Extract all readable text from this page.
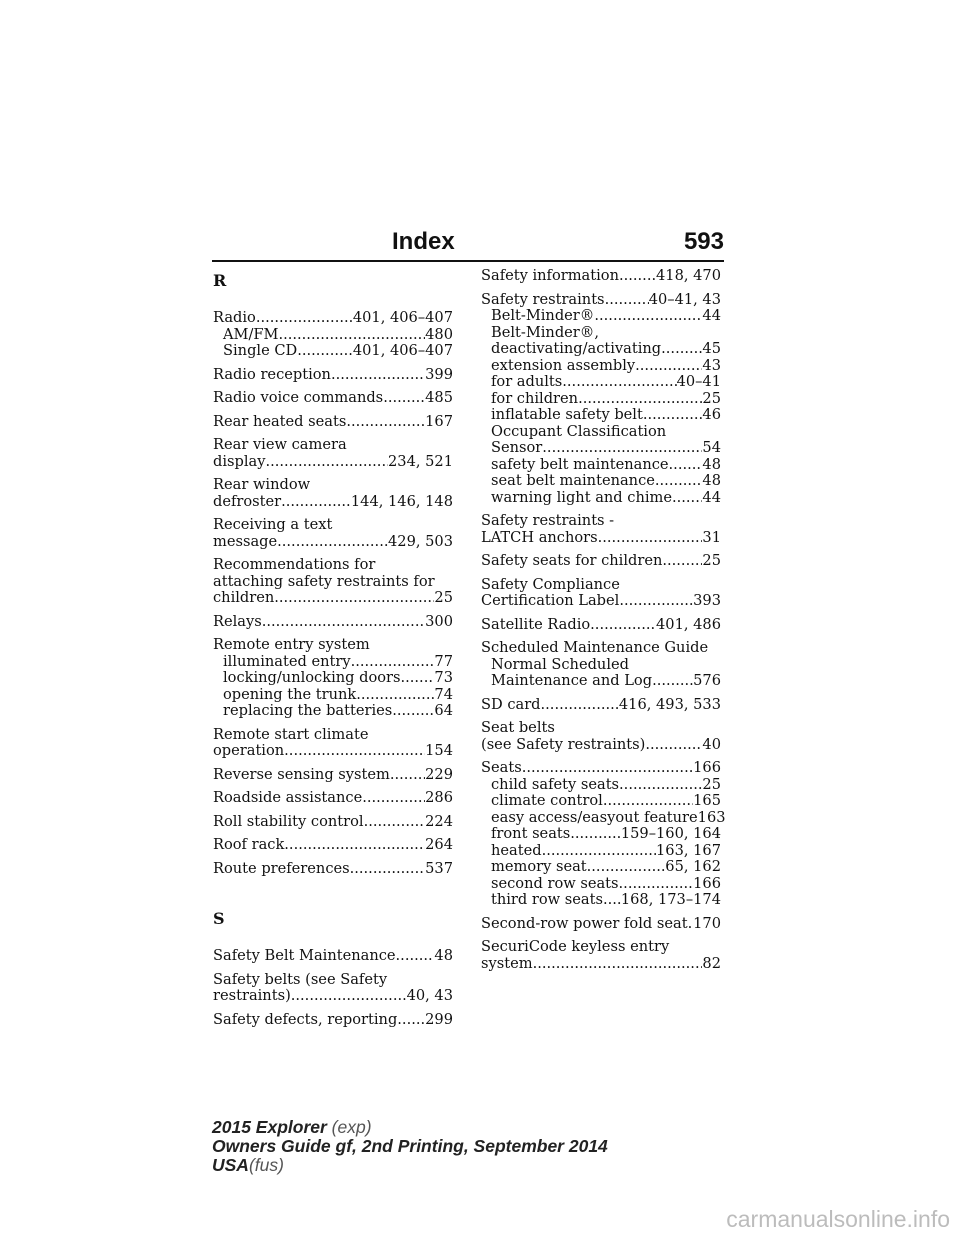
Index	593
R
Radio .....	401, 406–407
AM/FM .....	480
Single CD .....	401, 406–407
Radio reception .....	399
Radio voice commands .....	485
Rear heated seats .....	167
Rear view camera
display .....	234, 521
Rear window
defroster .....	144, 146, 148
Receiving a text
message .....	429, 503
Recommendations for
attaching safety restraints for
children .....	25
Relays .....	300
Remote entry system
illuminated entry .....	77
locking/unlocking doors ..... 73
opening the trunk .....	74
replacing the batteries .....	64
Remote start climate
operation .....	154
Reverse sensing system ..... 229
Roadside assistance .....	286
Roll stability control .....	224
Roof rack .....	264
Route preferences .....	537
S
Safety Belt Maintenance .....	48
Safety belts (see Safety
restraints) .....	40, 43
Safety defects, reporting ..... 299
Safety information .....	418, 470
Safety restraints .....	40–41, 43
Belt-Minder® .....	44
Belt-Minder®,
deactivating/activating .....	45
extension assembly .....	43
for adults .....	40–41
for children .....	25
inflatable safety belt .....	46
Occupant Classification
Sensor .....	54
safety belt maintenance ..... 48
seat belt maintenance .....	48
warning light and chime ..... 44
Safety restraints -
LATCH anchors .....	31
Safety seats for children .....	25
Safety Compliance
Certification Label .....	393
Satellite Radio .....	401, 486
Scheduled Maintenance Guide
Normal Scheduled
Maintenance and Log .....	576
SD card .....	416, 493, 533
Seat belts
(see Safety restraints) .....	40
Seats .....	166
child safety seats .....	25
climate control .....	165
easy access/easyout feature 163
front seats .....	159–160, 164
heated .....	163, 167
memory seat .....	65, 162
second row seats .....	166
third row seats ..... 168, 173–174
Second-row power fold seat ..... 170
SecuriCode keyless entry
system .....	82
2015 Explorer (exp)
Owners Guide gf, 2nd Printing, September 2014
USA(fus)
carmanualsonline.info
